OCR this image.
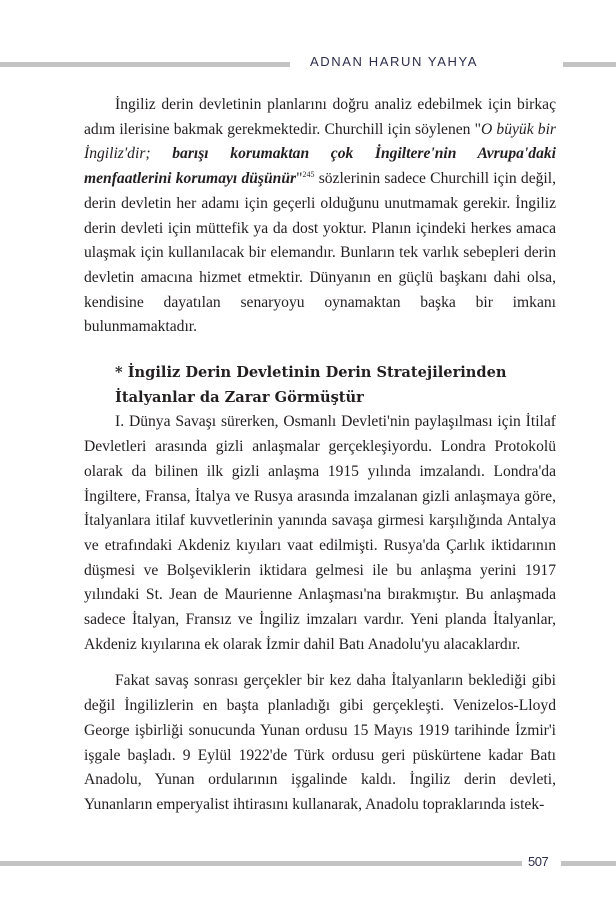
ADNAN HARUN YAHYA

İngiliz derin devletinin planlarını doğru analiz edebilmek için birkaç adım ilerisine bakmak gerekmektedir. Churchill için söylenen "O büyük bir İngiliz'dir; barışı korumaktan çok İngiltere'nin Avrupa'daki menfaatlerini korumayı düşünür"$^{245}$ sözlerinin sadece Churchill için değil, derin devletin her adamı için geçerli olduğunu unutmamak gerekir. İngiliz derin devleti için müttefik ya da dost yoktur. Planın içindeki herkes amaca ulaşmak için kullanılacak bir elemandır. Bunların tek varlık sebepleri derin devletin amacına hizmet etmektir. Dünyanın en güçlü başkanı dahi olsa, kendisine dayatılan senaryoyu oynamaktan başka bir imkanı bulunmamaktadır.

* İngiliz Derin Devletinin Derin Stratejilerinden İtalyanlar da Zarar Görmüştür

I. Dünya Savaşı sürerken, Osmanlı Devleti'nin paylaşılması için İtilaf Devletleri arasında gizli anlaşmalar gerçekleşiyordu. Londra Protokolü olarak da bilinen ilk gizli anlaşma 1915 yılında imzalandı. Londra'da İngiltere, Fransa, İtalya ve Rusya arasında imzalanan gizli anlaşmaya göre, İtalyanlara itilaf kuvvetlerinin yanında savaşa girmesi karşılığında Antalya ve etrafındaki Akdeniz kıyıları vaat edilmişti. Rusya'da Çarlık iktidarının düşmesi ve Bolşeviklerin iktidara gelmesi ile bu anlaşma yerini 1917 yılındaki St. Jean de Maurienne Anlaşması'na bırakmıştır. Bu anlaşmada sadece İtalyan, Fransız ve İngiliz imzaları vardır. Yeni planda İtalyanlar, Akdeniz kıyılarına ek olarak İzmir dahil Batı Anadolu'yu alacaklardır.

Fakat savaş sonrası gerçekler bir kez daha İtalyanların beklediği gibi değil İngilizlerin en başta planladığı gibi gerçekleşti. Venizelos-Lloyd George işbirliği sonucunda Yunan ordusu 15 Mayıs 1919 tarihinde İzmir'i işgale başladı. 9 Eylül 1922'de Türk ordusu geri püskürtene kadar Batı Anadolu, Yunan ordularının işgalinde kaldı. İngiliz derin devleti, Yunanların emperyalist ihtirasını kullanarak, Anadolu topraklarında istek-

507
